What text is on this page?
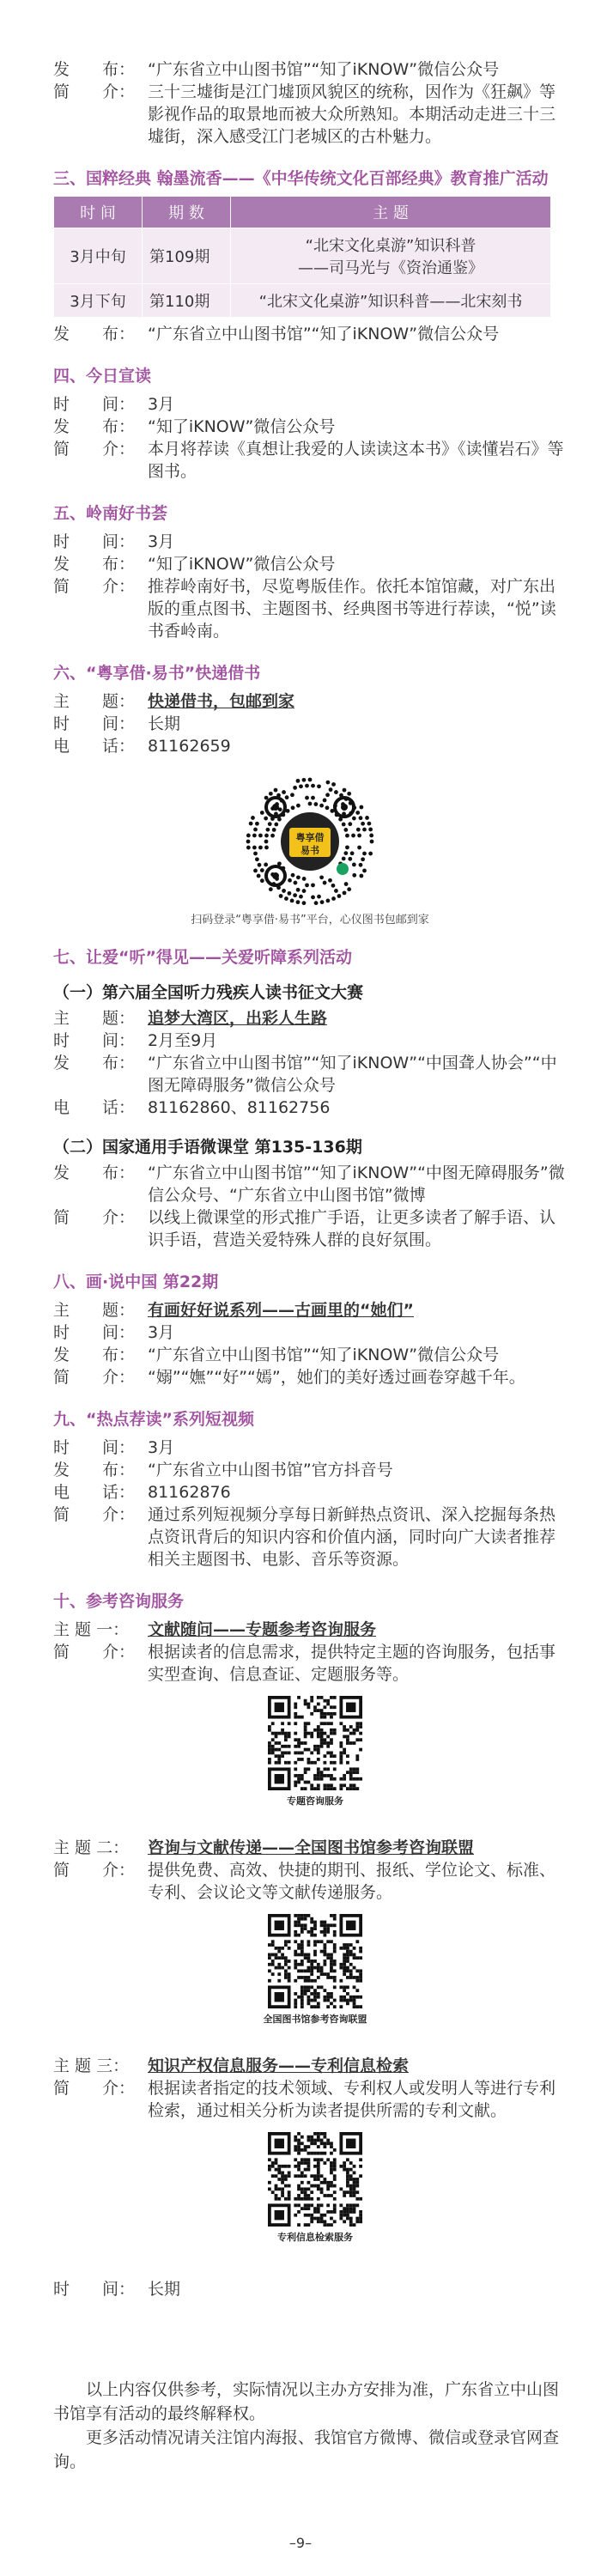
发　　布： “广东省立中山图书馆”“知了iKNOW”微信公众号
简　　介： 三十三墟街是江门墟顶风貌区的统称，因作为《狂飙》等影视作品的取景地而被大众所熟知。本期活动走进三十三墟街，深入感受江门老城区的古朴魅力。
三、国粹经典 翰墨流香——《中华传统文化百部经典》教育推广活动
时 间	期 数	主 题
3月中旬	第109期	“北宋文化桌游”知识科普
——司马光与《资治通鉴》
3月下旬	第110期	“北宋文化桌游”知识科普——北宋刻书
发　　布： “广东省立中山图书馆”“知了iKNOW”微信公众号
四、今日宣读
时　　间： 3月
发　　布： “知了iKNOW”微信公众号
简　　介： 本月将荐读《真想让我爱的人读读这本书》《读懂岩石》等图书。
五、岭南好书荟
时　　间： 3月
发　　布： “知了iKNOW”微信公众号
简　　介： 推荐岭南好书，尽览粤版佳作。依托本馆馆藏，对广东出版的重点图书、主题图书、经典图书等进行荐读，“悦”读书香岭南。
六、“粤享借·易书”快递借书
主　　题： 快递借书，包邮到家
时　　间： 长期
电　　话： 81162659
粤享借
易书
扫码登录“粤享借·易书”平台，心仪图书包邮到家
七、让爱“听”得见——关爱听障系列活动
（一）第六届全国听力残疾人读书征文大赛
主　　题： 追梦大湾区，出彩人生路
时　　间： 2月至9月
发　　布： “广东省立中山图书馆”“知了iKNOW”“中国聋人协会”“中图无障碍服务”微信公众号
电　　话： 81162860、81162756
（二）国家通用手语微课堂 第135-136期
发　　布： “广东省立中山图书馆”“知了iKNOW”“中图无障碍服务”微信公众号、“广东省立中山图书馆”微博
简　　介： 以线上微课堂的形式推广手语，让更多读者了解手语、认识手语，营造关爱特殊人群的良好氛围。
八、画·说中国 第22期
主　　题： 有画好好说系列——古画里的“她们”
时　　间： 3月
发　　布： “广东省立中山图书馆”“知了iKNOW”微信公众号
简　　介： “嫋”“嫵”“好”“嫣”，她们的美好透过画卷穿越千年。
九、“热点荐读”系列短视频
时　　间： 3月
发　　布： “广东省立中山图书馆”官方抖音号
电　　话： 81162876
简　　介： 通过系列短视频分享每日新鲜热点资讯、深入挖掘每条热点资讯背后的知识内容和价值内涵，同时向广大读者推荐相关主题图书、电影、音乐等资源。
十、参考咨询服务
主 题 一：	文献随问——专题参考咨询服务
简　　介： 根据读者的信息需求，提供特定主题的咨询服务，包括事实型查询、信息查证、定题服务等。
专题咨询服务
主 题 二：	咨询与文献传递——全国图书馆参考咨询联盟
简　　介： 提供免费、高效、快捷的期刊、报纸、学位论文、标准、专利、会议论文等文献传递服务。
全国图书馆参考咨询联盟
主 题 三：	知识产权信息服务——专利信息检索
简　　介： 根据读者指定的技术领域、专利权人或发明人等进行专利检索，通过相关分析为读者提供所需的专利文献。
专利信息检索服务
时　　间： 长期

以上内容仅供参考，实际情况以主办方安排为准，广东省立中山图书馆享有活动的最终解释权。

更多活动情况请关注馆内海报、我馆官方微博、微信或登录官网查询。

–9–
